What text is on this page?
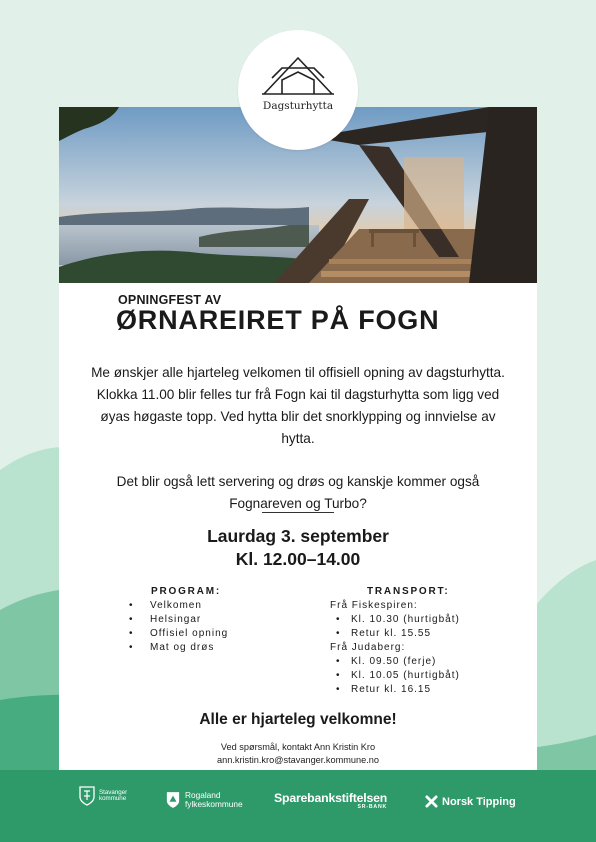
OPNINGFEST AV
ØRNAREIRET PÅ FOGN

Me ønskjer alle hjarteleg velkomen til offisiell opning av dagsturhytta. Klokka 11.00 blir felles tur frå Fogn kai til dagsturhytta som ligg ved øyas høgaste topp. Ved hytta blir det snorklypping og innvielse av hytta.

Det blir også lett servering og drøs og kanskje kommer også Fognareven og Turbo?

Laurdag 3. september
Kl. 12.00–14.00
PROGRAM:
•	Velkomen
•	Helsingar
•	Offisiel opning
•	Mat og drøs
TRANSPORT:
Frå Fiskespiren:
•	Kl. 10.30 (hurtigbåt)
•	Retur kl. 15.55
Frå Judaberg:
•	Kl. 09.50 (ferje)
•	Kl. 10.05 (hurtigbåt)
•	Retur kl. 16.15
Alle er hjarteleg velkomne!
Ved spørsmål, kontakt Ann Kristin Kro
ann.kristin.kro@stavanger.kommune.no
Dagsturhytta
Stavanger
kommune	Rogaland
fylkeskommune	Sparebankstiftelsen
SR-BANK	Norsk Tipping
